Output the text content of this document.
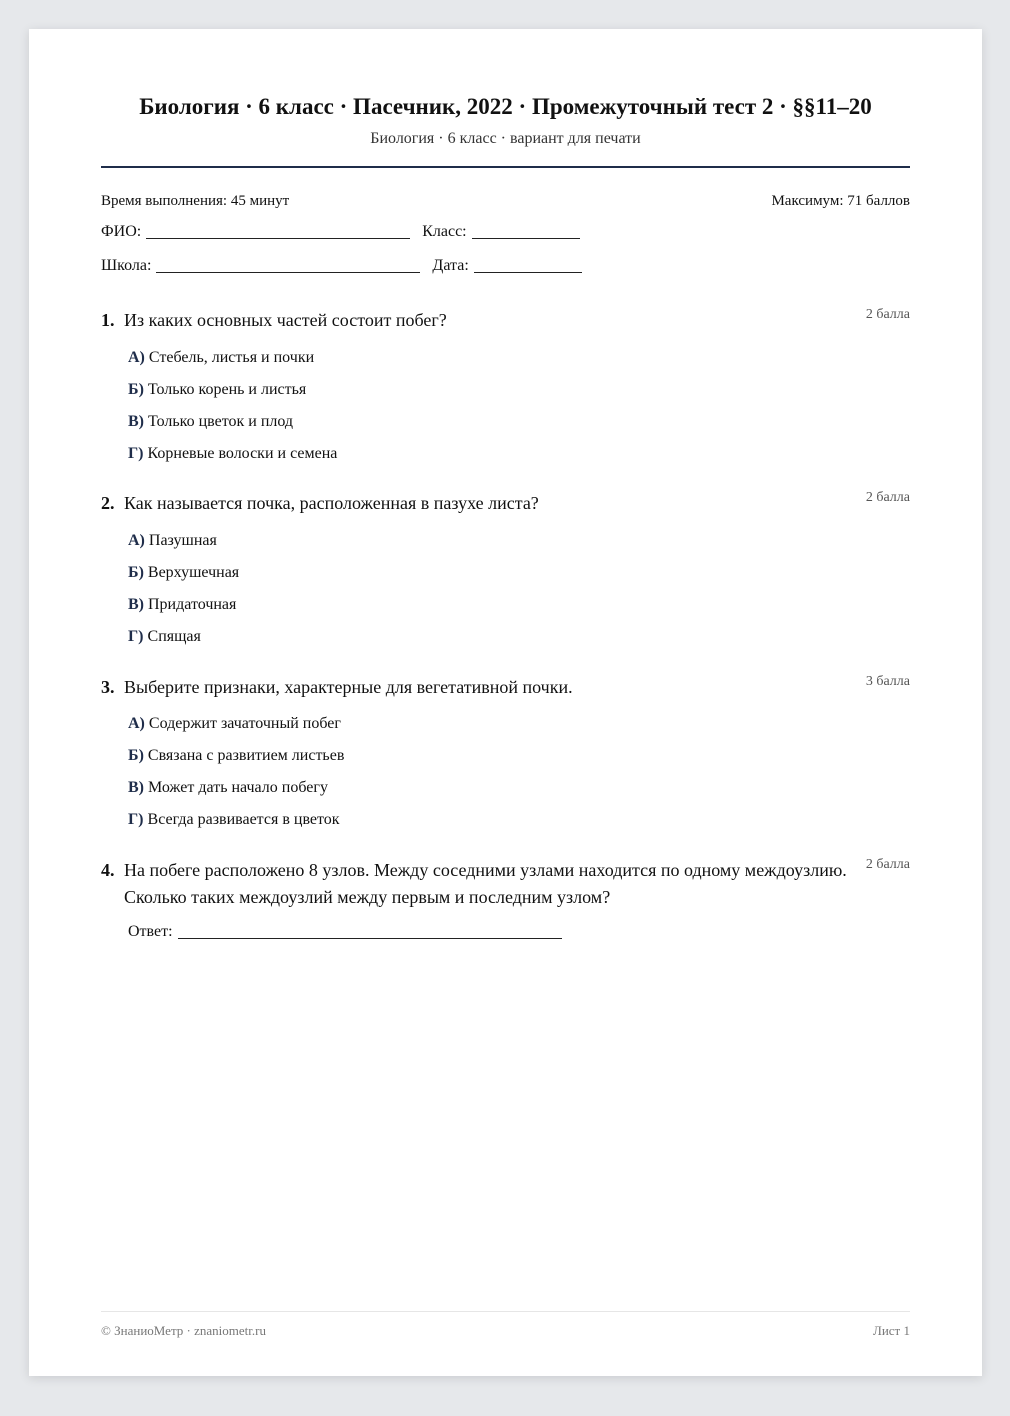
Биология · 6 класс · Пасечник, 2022 · Промежуточный тест 2 · §§11–20
Биология · 6 класс · вариант для печати
Время выполнения: 45 минут	Максимум: 71 баллов
ФИО:	Класс:
Школа:	Дата:
1. Из каких основных частей состоит побег?	2 балла
А) Стебель, листья и почки
Б) Только корень и листья
В) Только цветок и плод
Г) Корневые волоски и семена
2. Как называется почка, расположенная в пазухе листа?	2 балла
А) Пазушная
Б) Верхушечная
В) Придаточная
Г) Спящая
3. Выберите признаки, характерные для вегетативной почки.	3 балла
А) Содержит зачаточный побег
Б) Связана с развитием листьев
В) Может дать начало побегу
Г) Всегда развивается в цветок
4. На побеге расположено 8 узлов. Между соседними узлами находится по одному междоузлию. Сколько таких междоузлий между первым и последним узлом?
2 балла
Ответ:
© ЗнаниоМетр · znaniometr.ru	Лист 1
